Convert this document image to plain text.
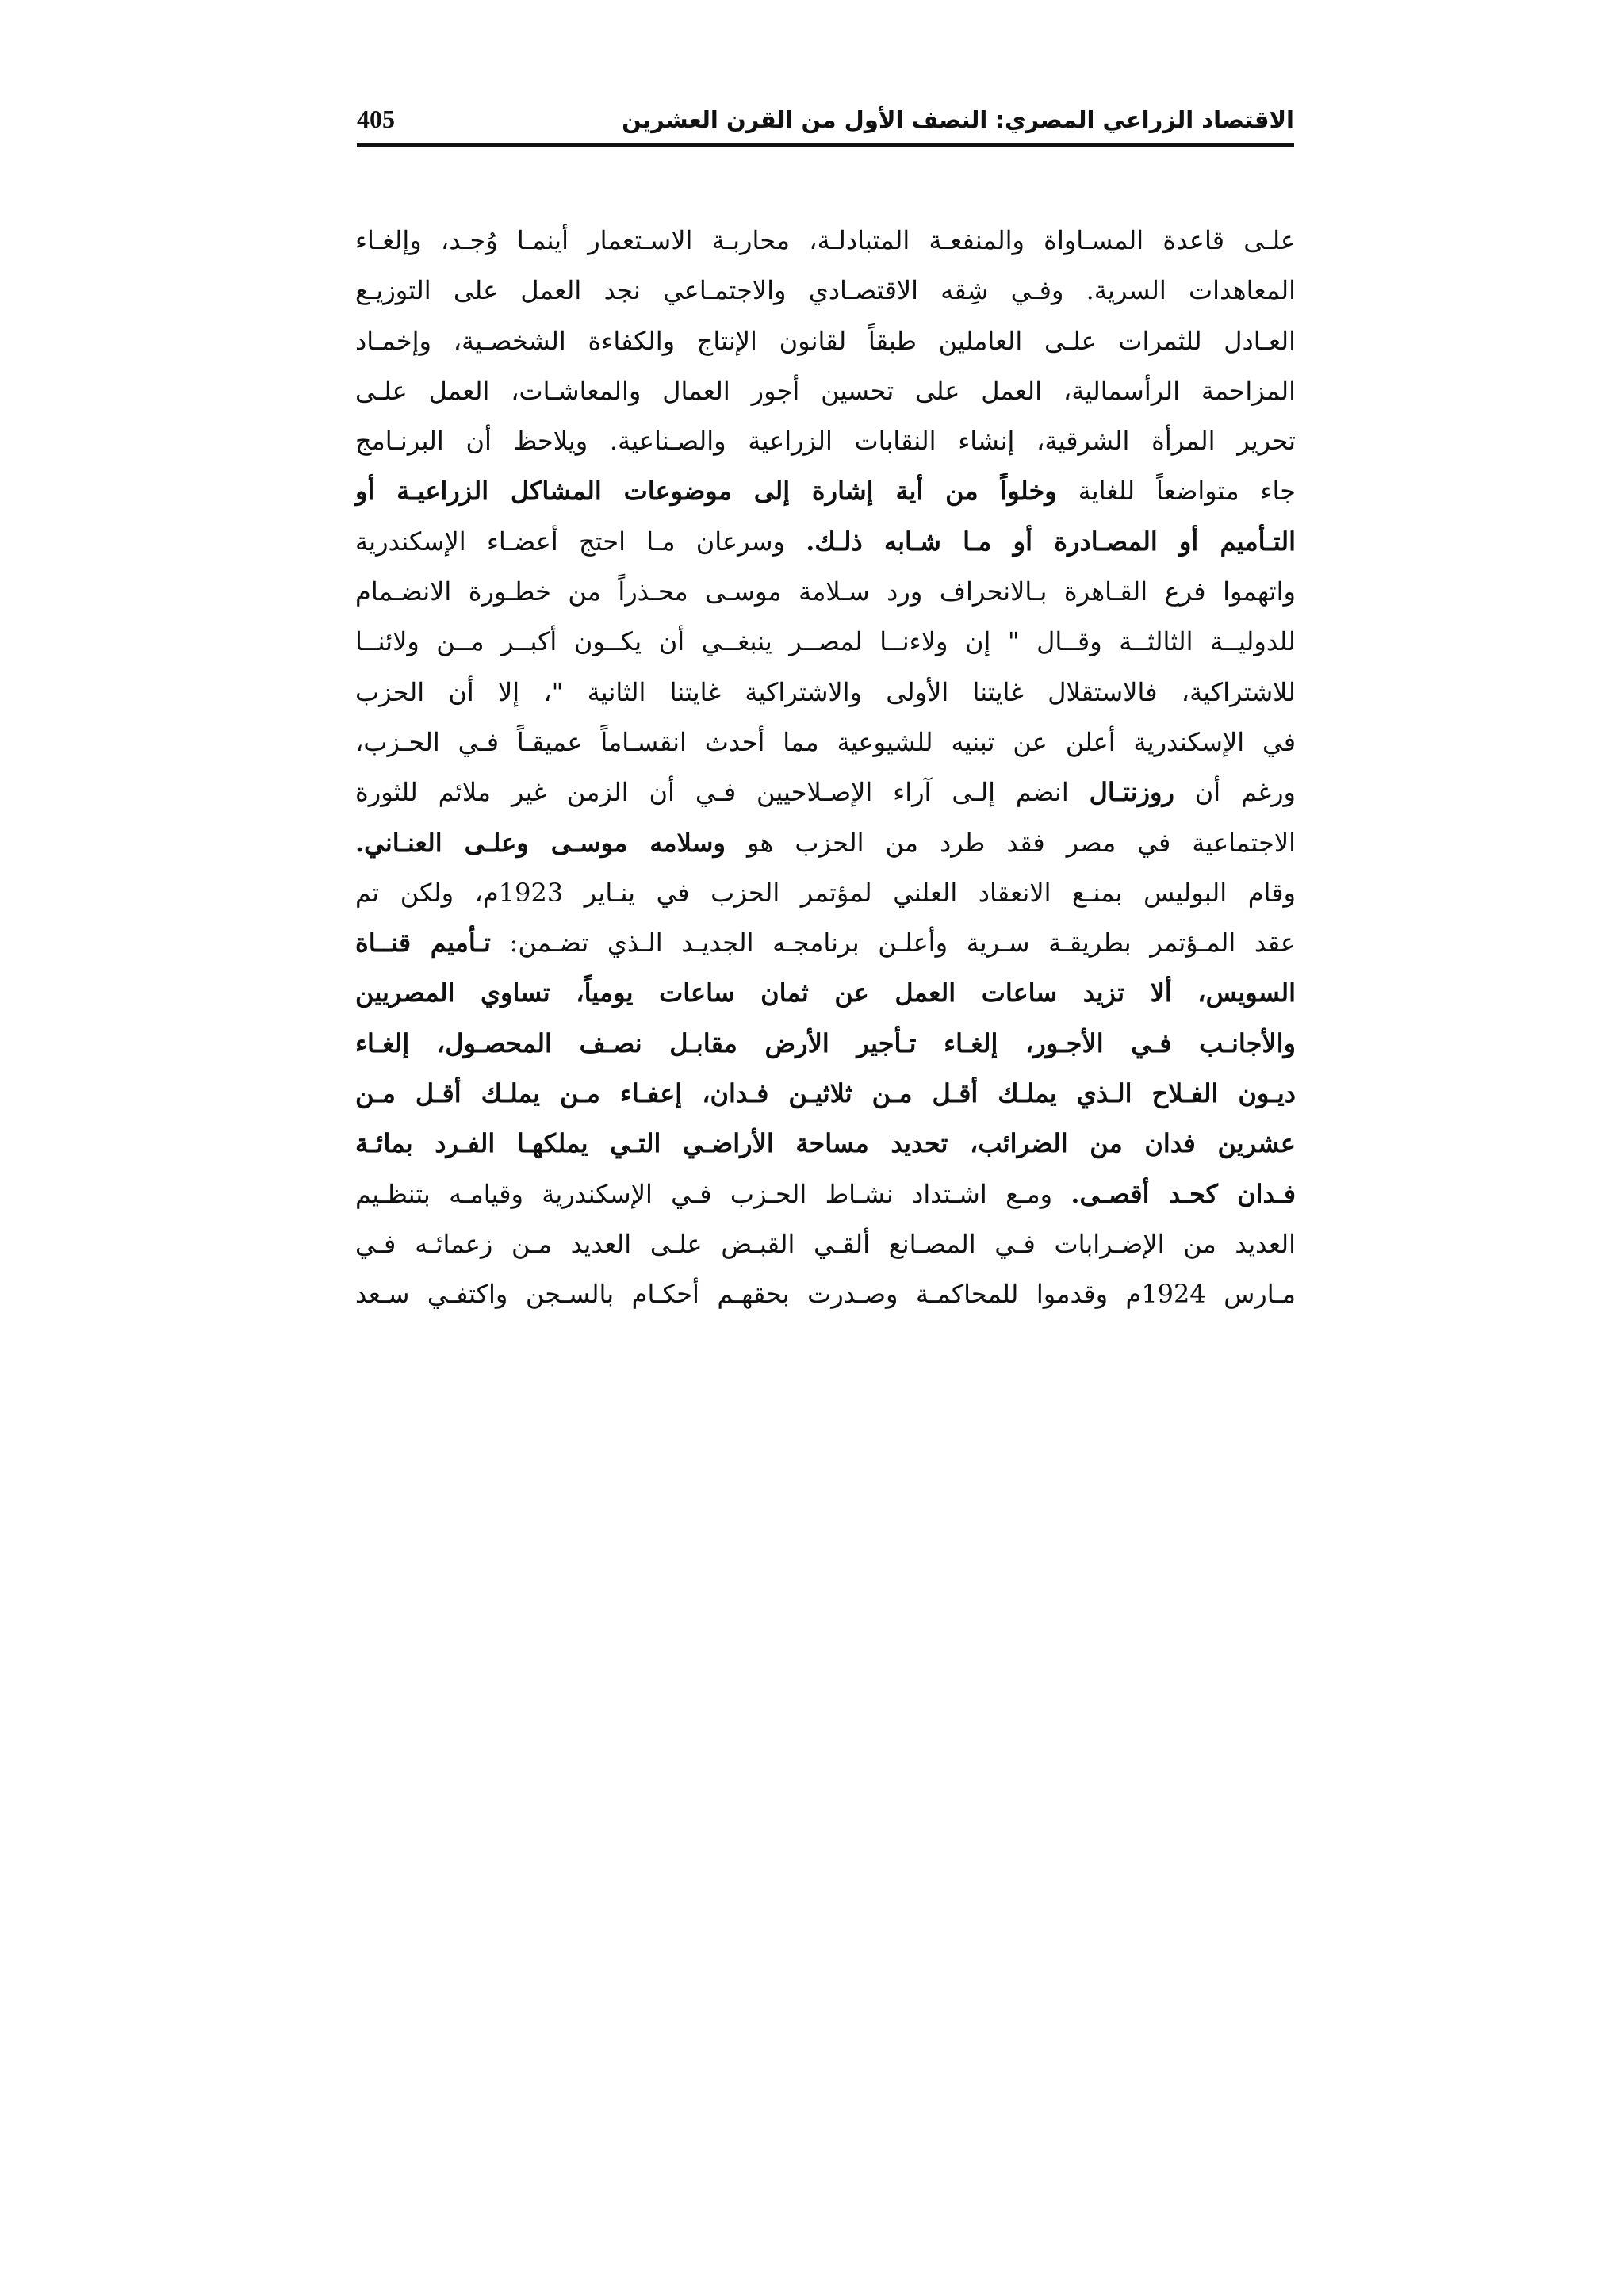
الاقتصاد الزراعي المصري: النصف الأول من القرن العشرين
405
علـى قاعدة المسـاواة والمنفعـة المتبادلـة، محاربـة الاسـتعمار أينمـا وُجـد، وإلغـاء
المعاهدات السرية. وفـي شِقه الاقتصـادي والاجتمـاعي نجد العمل على التوزيـع
العـادل للثمرات علـى العاملين طبقاً لقانون الإنتاج والكفاءة الشخصـية، وإخمـاد
المزاحمة الرأسمالية، العمل على تحسين أجور العمال والمعاشـات، العمل علـى
تحرير المرأة الشرقية، إنشاء النقابات الزراعية والصـناعية. ويلاحظ أن البرنـامج
جاء متواضعاً للغاية وخلواً من أية إشارة إلى موضوعات المشاكل الزراعيـة أو
التـأميم أو المصـادرة أو مـا شـابه ذلـك. وسرعان مـا احتج أعضـاء الإسكندرية
واتهموا فرع القـاهرة بـالانحراف ورد سـلامة موسـى محـذراً من خطـورة الانضـمام
للدوليــة الثالثــة وقــال " إن ولاءنــا لمصــر ينبغــي أن يكــون أكبــر مــن ولائنــا
للاشتراكية، فالاستقلال غايتنا الأولى والاشتراكية غايتنا الثانية "، إلا أن الحزب
في الإسكندرية أعلن عن تبنيه للشيوعية مما أحدث انقسـاماً عميقـاً فـي الحـزب،
ورغم أن روزنتـال انضم إلـى آراء الإصـلاحيين فـي أن الزمن غير ملائم للثورة
الاجتماعية في مصر فقد طرد من الحزب هو وسلامه موسـى وعلـى العنـاني.
وقام البوليس بمنـع الانعقاد العلني لمؤتمر الحزب في ينـاير 1923م، ولكن تم
عقد المـؤتمر بطريقـة سـرية وأعلـن برنامجـه الجديـد الـذي تضـمن: تـأميم قنــاة
السويس، ألا تزيد ساعات العمل عن ثمان ساعات يومياً، تساوي المصريين
والأجانـب فـي الأجـور، إلغـاء تـأجير الأرض مقابـل نصـف المحصـول، إلغـاء
ديـون الفـلاح الـذي يملـك أقـل مـن ثلاثيـن فـدان، إعفـاء مـن يملـك أقـل مـن
عشرين فدان من الضرائب، تحديد مساحة الأراضـي التـي يملكهـا الفـرد بمائـة
فـدان كحـد أقصـى. ومـع اشـتداد نشـاط الحـزب فـي الإسكندرية وقيامـه بتنظـيم
العديد من الإضـرابات فـي المصـانع ألقـي القبـض علـى العديد مـن زعمائـه فـي
مـارس 1924م وقدموا للمحاكمـة وصـدرت بحقهـم أحكـام بالسـجن واكتفـي سـعد
